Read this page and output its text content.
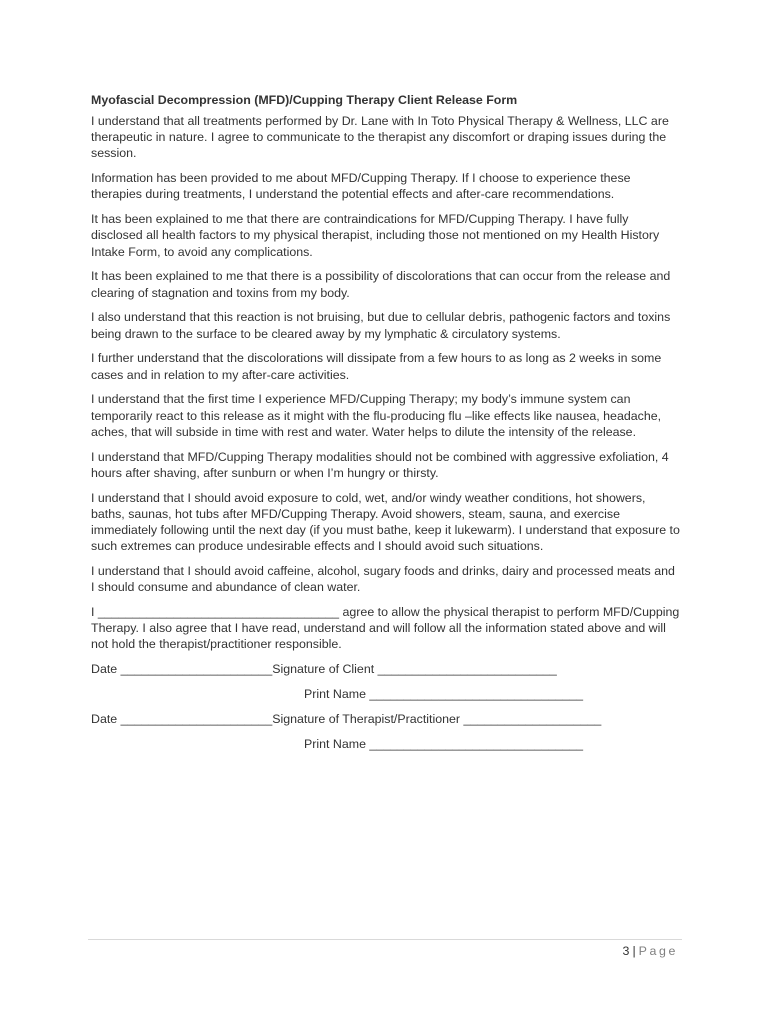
Myofascial Decompression (MFD)/Cupping Therapy Client Release Form

I understand that all treatments performed by Dr. Lane with In Toto Physical Therapy & Wellness, LLC are therapeutic in nature. I agree to communicate to the therapist any discomfort or draping issues during the session.

Information has been provided to me about MFD/Cupping Therapy. If I choose to experience these therapies during treatments, I understand the potential effects and after-care recommendations.

It has been explained to me that there are contraindications for MFD/Cupping Therapy. I have fully disclosed all health factors to my physical therapist, including those not mentioned on my Health History Intake Form, to avoid any complications.

It has been explained to me that there is a possibility of discolorations that can occur from the release and clearing of stagnation and toxins from my body.

I also understand that this reaction is not bruising, but due to cellular debris, pathogenic factors and toxins being drawn to the surface to be cleared away by my lymphatic & circulatory systems.

I further understand that the discolorations will dissipate from a few hours to as long as 2 weeks in some cases and in relation to my after-care activities.

I understand that the first time I experience MFD/Cupping Therapy; my body’s immune system can temporarily react to this release as it might with the flu-producing flu –like effects like nausea, headache, aches, that will subside in time with rest and water. Water helps to dilute the intensity of the release.

I understand that MFD/Cupping Therapy modalities should not be combined with aggressive exfoliation, 4 hours after shaving, after sunburn or when I’m hungry or thirsty.

I understand that I should avoid exposure to cold, wet, and/or windy weather conditions, hot showers, baths, saunas, hot tubs after MFD/Cupping Therapy. Avoid showers, steam, sauna, and exercise immediately following until the next day (if you must bathe, keep it lukewarm). I understand that exposure to such extremes can produce undesirable effects and I should avoid such situations.

I understand that I should avoid caffeine, alcohol, sugary foods and drinks, dairy and processed meats and I should consume and abundance of clean water.

I ___________________________________ agree to allow the physical therapist to perform MFD/Cupping Therapy. I also agree that I have read, understand and will follow all the information stated above and will not hold the therapist/practitioner responsible.

Date ______________________Signature of Client __________________________
Print Name _______________________________
Date ______________________Signature of Therapist/Practitioner ____________________
Print Name _______________________________
3 | Page
